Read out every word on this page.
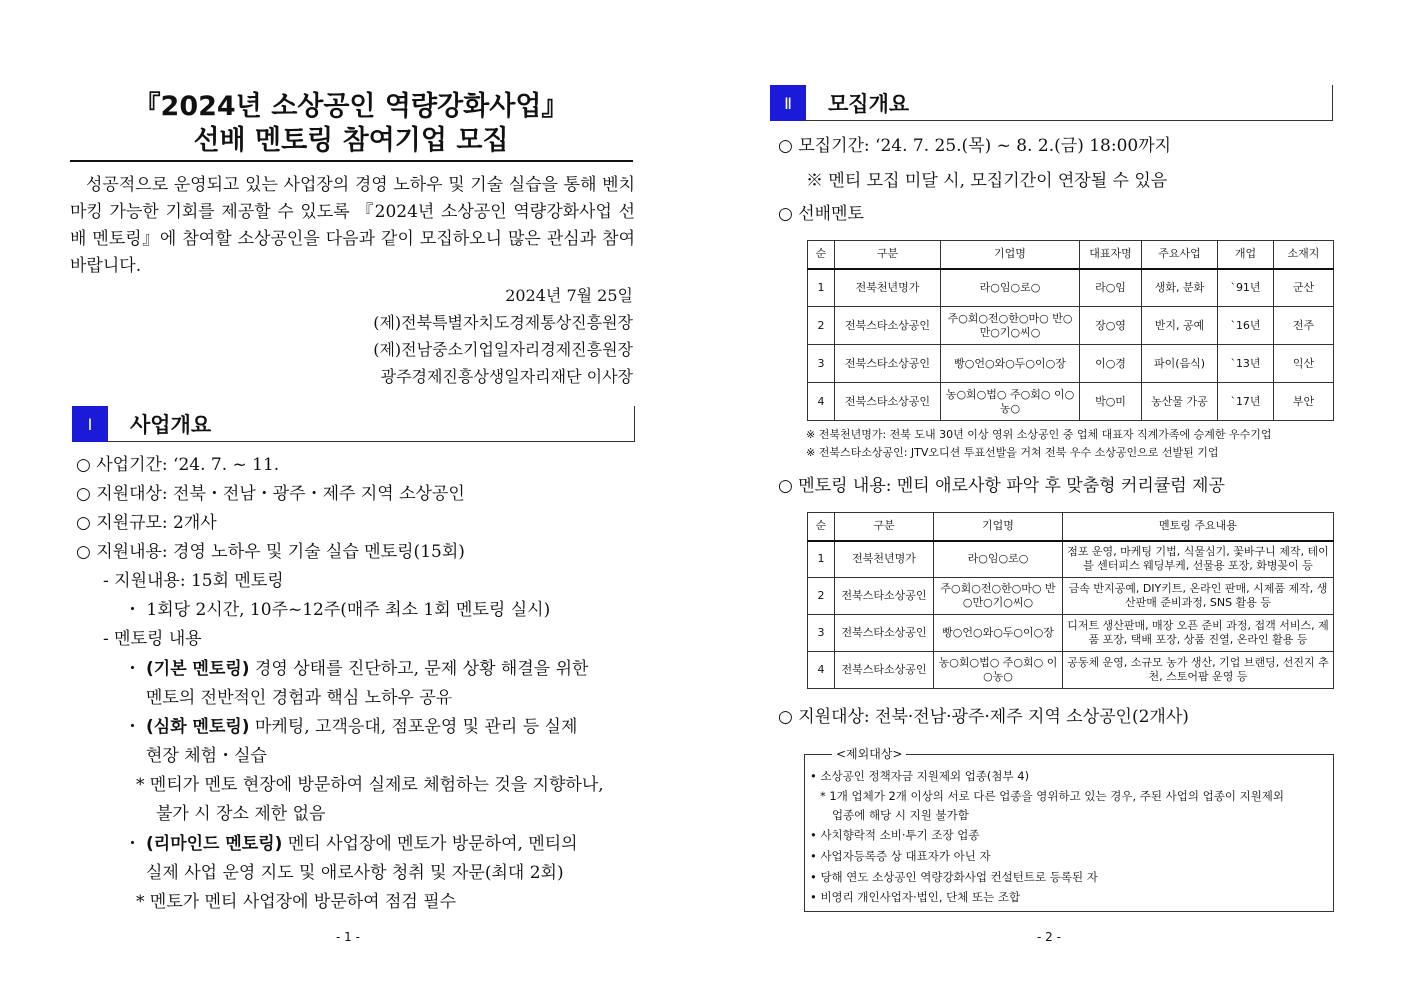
『2024년 소상공인 역량강화사업』
선배 멘토링 참여기업 모집

성공적으로 운영되고 있는 사업장의 경영 노하우 및 기술 실습을 통해 벤치마킹 가능한 기회를 제공할 수 있도록 『2024년 소상공인 역량강화사업 선배 멘토링』에 참여할 소상공인을 다음과 같이 모집하오니 많은 관심과 참여 바랍니다.

2024년 7월 25일
(제)전북특별자치도경제통상진흥원장
(제)전남중소기업일자리경제진흥원장
광주경제진흥상생일자리재단 이사장
Ⅰ	사업개요
○ 사업기간: ‘24. 7. ~ 11.
○ 지원대상: 전북・전남・광주・제주 지역 소상공인
○ 지원규모: 2개사
○ 지원내용: 경영 노하우 및 기술 실습 멘토링(15회)
- 지원내용: 15회 멘토링
・ 1회당 2시간, 10주~12주(매주 최소 1회 멘토링 실시)
- 멘토링 내용
・ (기본 멘토링) 경영 상태를 진단하고, 문제 상황 해결을 위한
멘토의 전반적인 경험과 핵심 노하우 공유
・ (심화 멘토링) 마케팅, 고객응대, 점포운영 및 관리 등 실제
현장 체험・실습
* 멘티가 멘토 현장에 방문하여 실제로 체험하는 것을 지향하나,
불가 시 장소 제한 없음
・ (리마인드 멘토링) 멘티 사업장에 멘토가 방문하여, 멘티의
실제 사업 운영 지도 및 애로사항 청취 및 자문(최대 2회)
* 멘토가 멘티 사업장에 방문하여 점검 필수
- 1 -
Ⅱ	모집개요
○ 모집기간: ‘24. 7. 25.(목) ~ 8. 2.(금) 18:00까지
※ 멘티 모집 미달 시, 모집기간이 연장될 수 있음
○ 선배멘토
순	구분	기업명	대표자명	주요사업	개업	소재지
1	전북천년명가	라○임○로○	라○임	생화, 분화	`91년	군산
2	전북스타소상공인	주○회○전○한○마○ 반○만○기○씨○	장○영	반지, 공예	`16년	전주
3	전북스타소상공인	빵○언○와○두○이○장	이○경	파이(음식)	`13년	익산
4	전북스타소상공인	농○회○법○ 주○회○ 이○농○	박○미	농산물 가공	`17년	부안
※ 전북천년명가: 전북 도내 30년 이상 영위 소상공인 중 업체 대표자 직계가족에 승계한 우수기업
※ 전북스타소상공인: JTV오디션 투표선발을 거쳐 전북 우수 소상공인으로 선발된 기업
○ 멘토링 내용: 멘티 애로사항 파악 후 맞춤형 커리큘럼 제공
순	구분	기업명	멘토링 주요내용
1	전북천년명가	라○임○로○	점포 운영, 마케팅 기법, 식물심기, 꽃바구니 제작, 테이블 센터피스 웨딩부케, 선물용 포장, 화병꽂이 등
2	전북스타소상공인	주○회○전○한○마○ 반○만○기○씨○	금속 반지공예, DIY키트, 온라인 판매, 시제품 제작, 생산판매 준비과정, SNS 활용 등
3	전북스타소상공인	빵○언○와○두○이○장	디저트 생산판매, 매장 오픈 준비 과정, 접객 서비스, 제품 포장, 택배 포장, 상품 진열, 온라인 활용 등
4	전북스타소상공인	농○회○법○ 주○회○ 이○농○	공동체 운영, 소규모 농가 생산, 기업 브랜딩, 선진지 추천, 스토어팜 운영 등
○ 지원대상: 전북·전남·광주·제주 지역 소상공인(2개사)
<제외대상>
• 소상공인 정책자금 지원제외 업종(첨부 4)
* 1개 업체가 2개 이상의 서로 다른 업종을 영위하고 있는 경우, 주된 사업의 업종이 지원제외
업종에 해당 시 지원 불가함
• 사치향락적 소비·투기 조장 업종
• 사업자등록증 상 대표자가 아닌 자
• 당해 연도 소상공인 역량강화사업 컨설턴트로 등록된 자
• 비영리 개인사업자·법인, 단체 또는 조합
- 2 -
